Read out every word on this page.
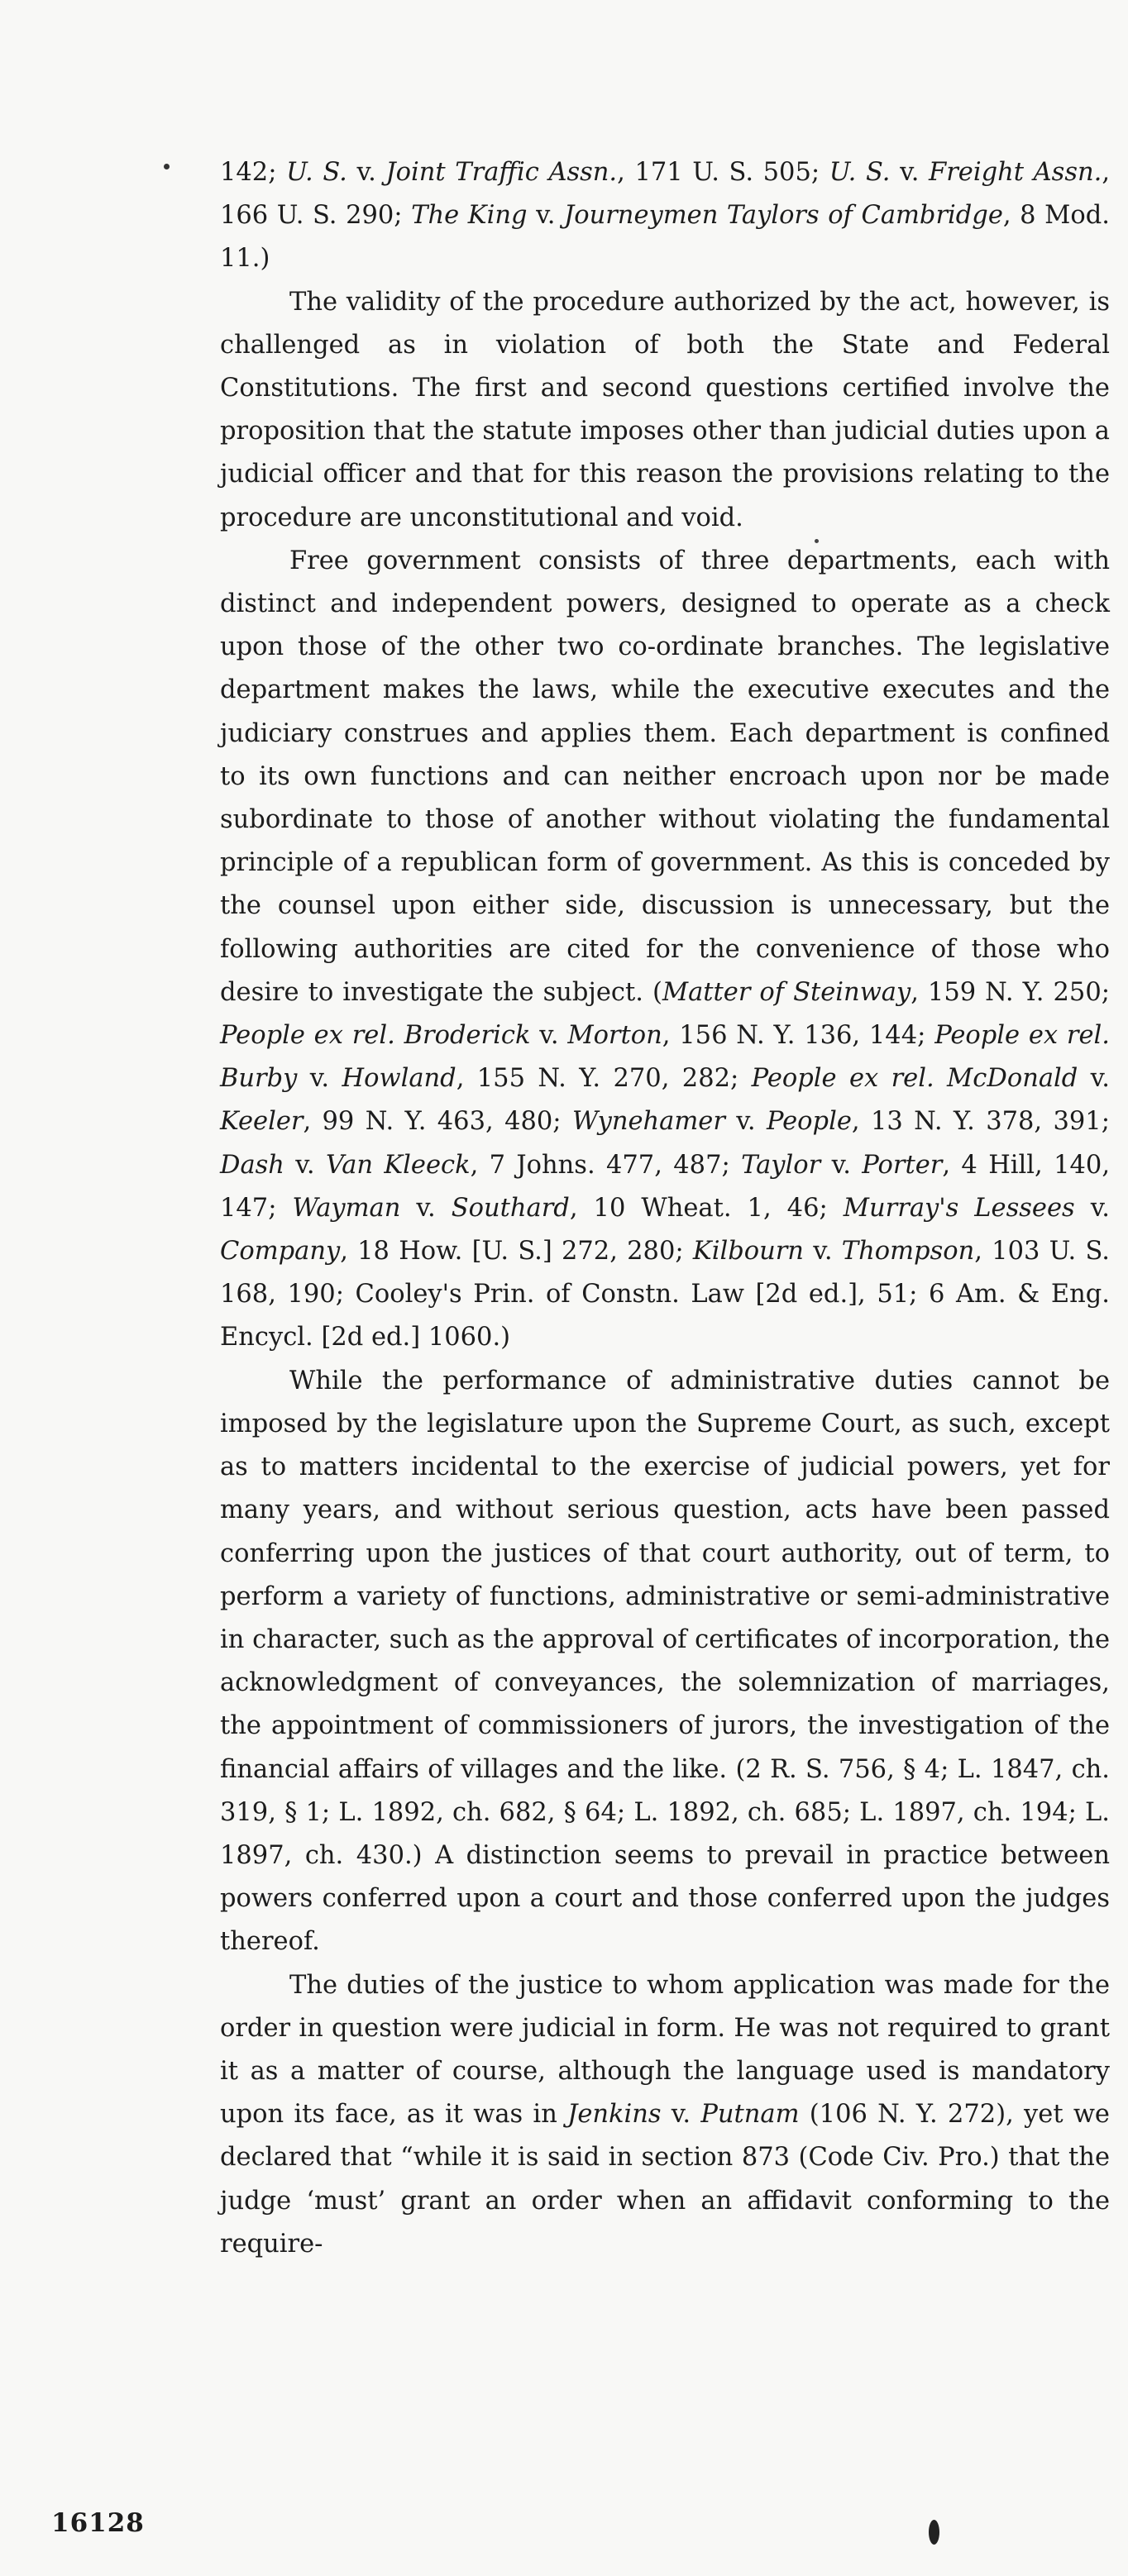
142; U. S. v. Joint Traffic Assn., 171 U. S. 505; U. S. v. Freight Assn., 166 U. S. 290; The King v. Journeymen Taylors of Cambridge, 8 Mod. 11.)

The validity of the procedure authorized by the act, however, is challenged as in violation of both the State and Federal Constitutions. The first and second questions certified involve the proposition that the statute imposes other than judicial duties upon a judicial officer and that for this reason the provisions relating to the procedure are unconstitutional and void.

Free government consists of three departments, each with distinct and independent powers, designed to operate as a check upon those of the other two co-ordinate branches. The legislative department makes the laws, while the executive executes and the judiciary construes and applies them. Each department is confined to its own functions and can neither encroach upon nor be made subordinate to those of another without violating the fundamental principle of a republican form of government. As this is conceded by the counsel upon either side, discussion is unnecessary, but the following authorities are cited for the convenience of those who desire to investigate the subject. (Matter of Steinway, 159 N. Y. 250; People ex rel. Broderick v. Morton, 156 N. Y. 136, 144; People ex rel. Burby v. Howland, 155 N. Y. 270, 282; People ex rel. McDonald v. Keeler, 99 N. Y. 463, 480; Wynehamer v. People, 13 N. Y. 378, 391; Dash v. Van Kleeck, 7 Johns. 477, 487; Taylor v. Porter, 4 Hill, 140, 147; Wayman v. Southard, 10 Wheat. 1, 46; Murray's Lessees v. Company, 18 How. [U. S.] 272, 280; Kilbourn v. Thompson, 103 U. S. 168, 190; Cooley's Prin. of Constn. Law [2d ed.], 51; 6 Am. & Eng. Encycl. [2d ed.] 1060.)

While the performance of administrative duties cannot be imposed by the legislature upon the Supreme Court, as such, except as to matters incidental to the exercise of judicial powers, yet for many years, and without serious question, acts have been passed conferring upon the justices of that court authority, out of term, to perform a variety of functions, administrative or semi-administrative in character, such as the approval of certificates of incorporation, the acknowledgment of conveyances, the solemnization of marriages, the appointment of commissioners of jurors, the investigation of the financial affairs of villages and the like. (2 R. S. 756, § 4; L. 1847, ch. 319, § 1; L. 1892, ch. 682, § 64; L. 1892, ch. 685; L. 1897, ch. 194; L. 1897, ch. 430.) A distinction seems to prevail in practice between powers conferred upon a court and those conferred upon the judges thereof.

The duties of the justice to whom application was made for the order in question were judicial in form. He was not required to grant it as a matter of course, although the language used is mandatory upon its face, as it was in Jenkins v. Putnam (106 N. Y. 272), yet we declared that “while it is said in section 873 (Code Civ. Pro.) that the judge ‘must’ grant an order when an affidavit conforming to the require-

16128
